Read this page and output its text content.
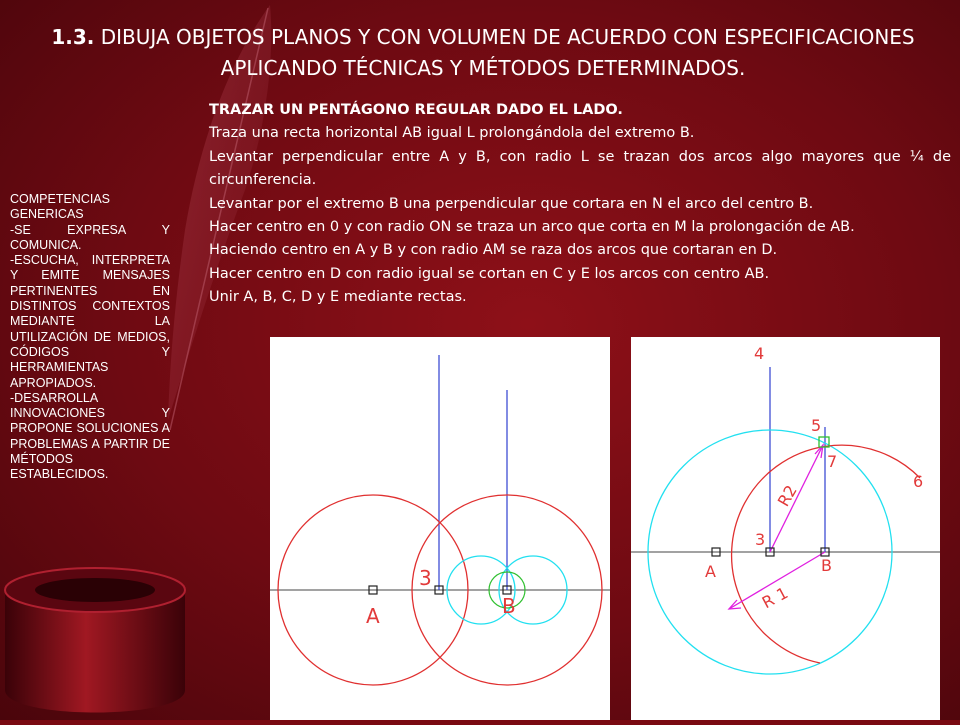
1.3. DIBUJA OBJETOS PLANOS Y CON VOLUMEN DE ACUERDO CON ESPECIFICACIONES APLICANDO TÉCNICAS Y MÉTODOS DETERMINADOS.
TRAZAR UN PENTÁGONO REGULAR DADO EL LADO.
Traza una recta horizontal AB igual L prolongándola del extremo B.
Levantar perpendicular entre A y B, con radio L se trazan dos arcos algo mayores que ¼ de circunferencia.
Levantar por el extremo B una perpendicular que cortara en N el arco del centro B.
Hacer centro en 0 y con radio ON se traza un arco que corta en M la prolongación de AB.
Haciendo centro en A y B y con radio AM se raza dos arcos que cortaran en D.
Hacer centro en D con radio igual se cortan en C y E los arcos con centro AB.
Unir A, B, C, D y E mediante rectas.
COMPETENCIAS
GENERICAS
-SE EXPRESA Y COMUNICA.
-ESCUCHA, INTERPRETA Y EMITE MENSAJES PERTINENTES EN DISTINTOS CONTEXTOS MEDIANTE LA UTILIZACIÓN DE MEDIOS, CÓDIGOS Y HERRAMIENTAS APROPIADOS.
-DESARROLLA INNOVACIONES Y PROPONE SOLUCIONES A PROBLEMAS A PARTIR DE MÉTODOS ESTABLECIDOS.
A
3
B
4
5
6
7
3
A	B
R 1
R2
